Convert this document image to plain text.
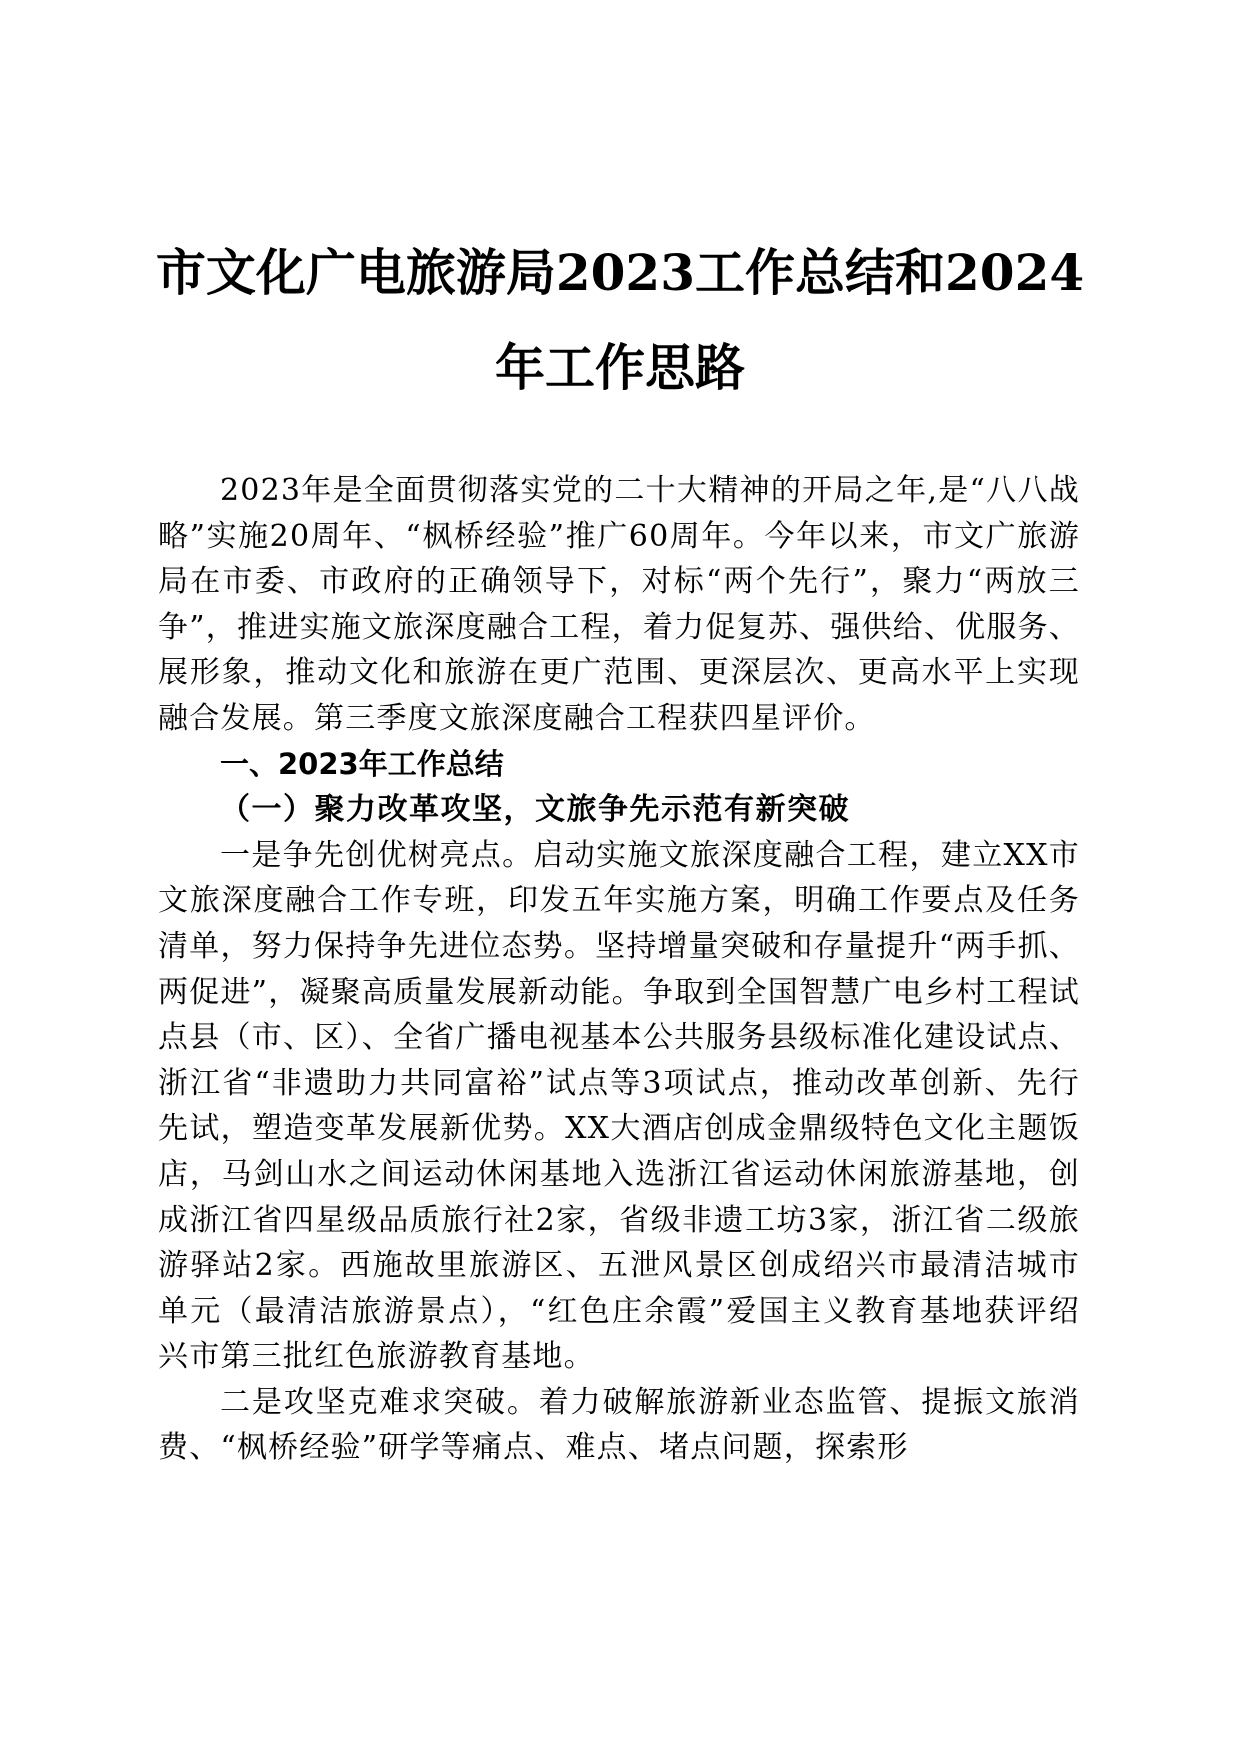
市文化广电旅游局2023工作总结和2024年工作思路

2023年是全面贯彻落实党的二十大精神的开局之年,是“八八战略”实施20周年、“枫桥经验”推广60周年。今年以来，市文广旅游局在市委、市政府的正确领导下，对标“两个先行”，聚力“两放三争”，推进实施文旅深度融合工程，着力促复苏、强供给、优服务、展形象，推动文化和旅游在更广范围、更深层次、更高水平上实现融合发展。第三季度文旅深度融合工程获四星评价。

一、2023年工作总结

（一）聚力改革攻坚，文旅争先示范有新突破

一是争先创优树亮点。启动实施文旅深度融合工程，建立XX市文旅深度融合工作专班，印发五年实施方案，明确工作要点及任务清单，努力保持争先进位态势。坚持增量突破和存量提升“两手抓、两促进”，凝聚高质量发展新动能。争取到全国智慧广电乡村工程试点县（市、区）、全省广播电视基本公共服务县级标准化建设试点、浙江省“非遗助力共同富裕”试点等3项试点，推动改革创新、先行先试，塑造变革发展新优势。XX大酒店创成金鼎级特色文化主题饭店，马剑山水之间运动休闲基地入选浙江省运动休闲旅游基地，创成浙江省四星级品质旅行社2家，省级非遗工坊3家，浙江省二级旅游驿站2家。西施故里旅游区、五泄风景区创成绍兴市最清洁城市单元（最清洁旅游景点），“红色庄余霞”爱国主义教育基地获评绍兴市第三批红色旅游教育基地。

二是攻坚克难求突破。着力破解旅游新业态监管、提振文旅消费、“枫桥经验”研学等痛点、难点、堵点问题，探索形
